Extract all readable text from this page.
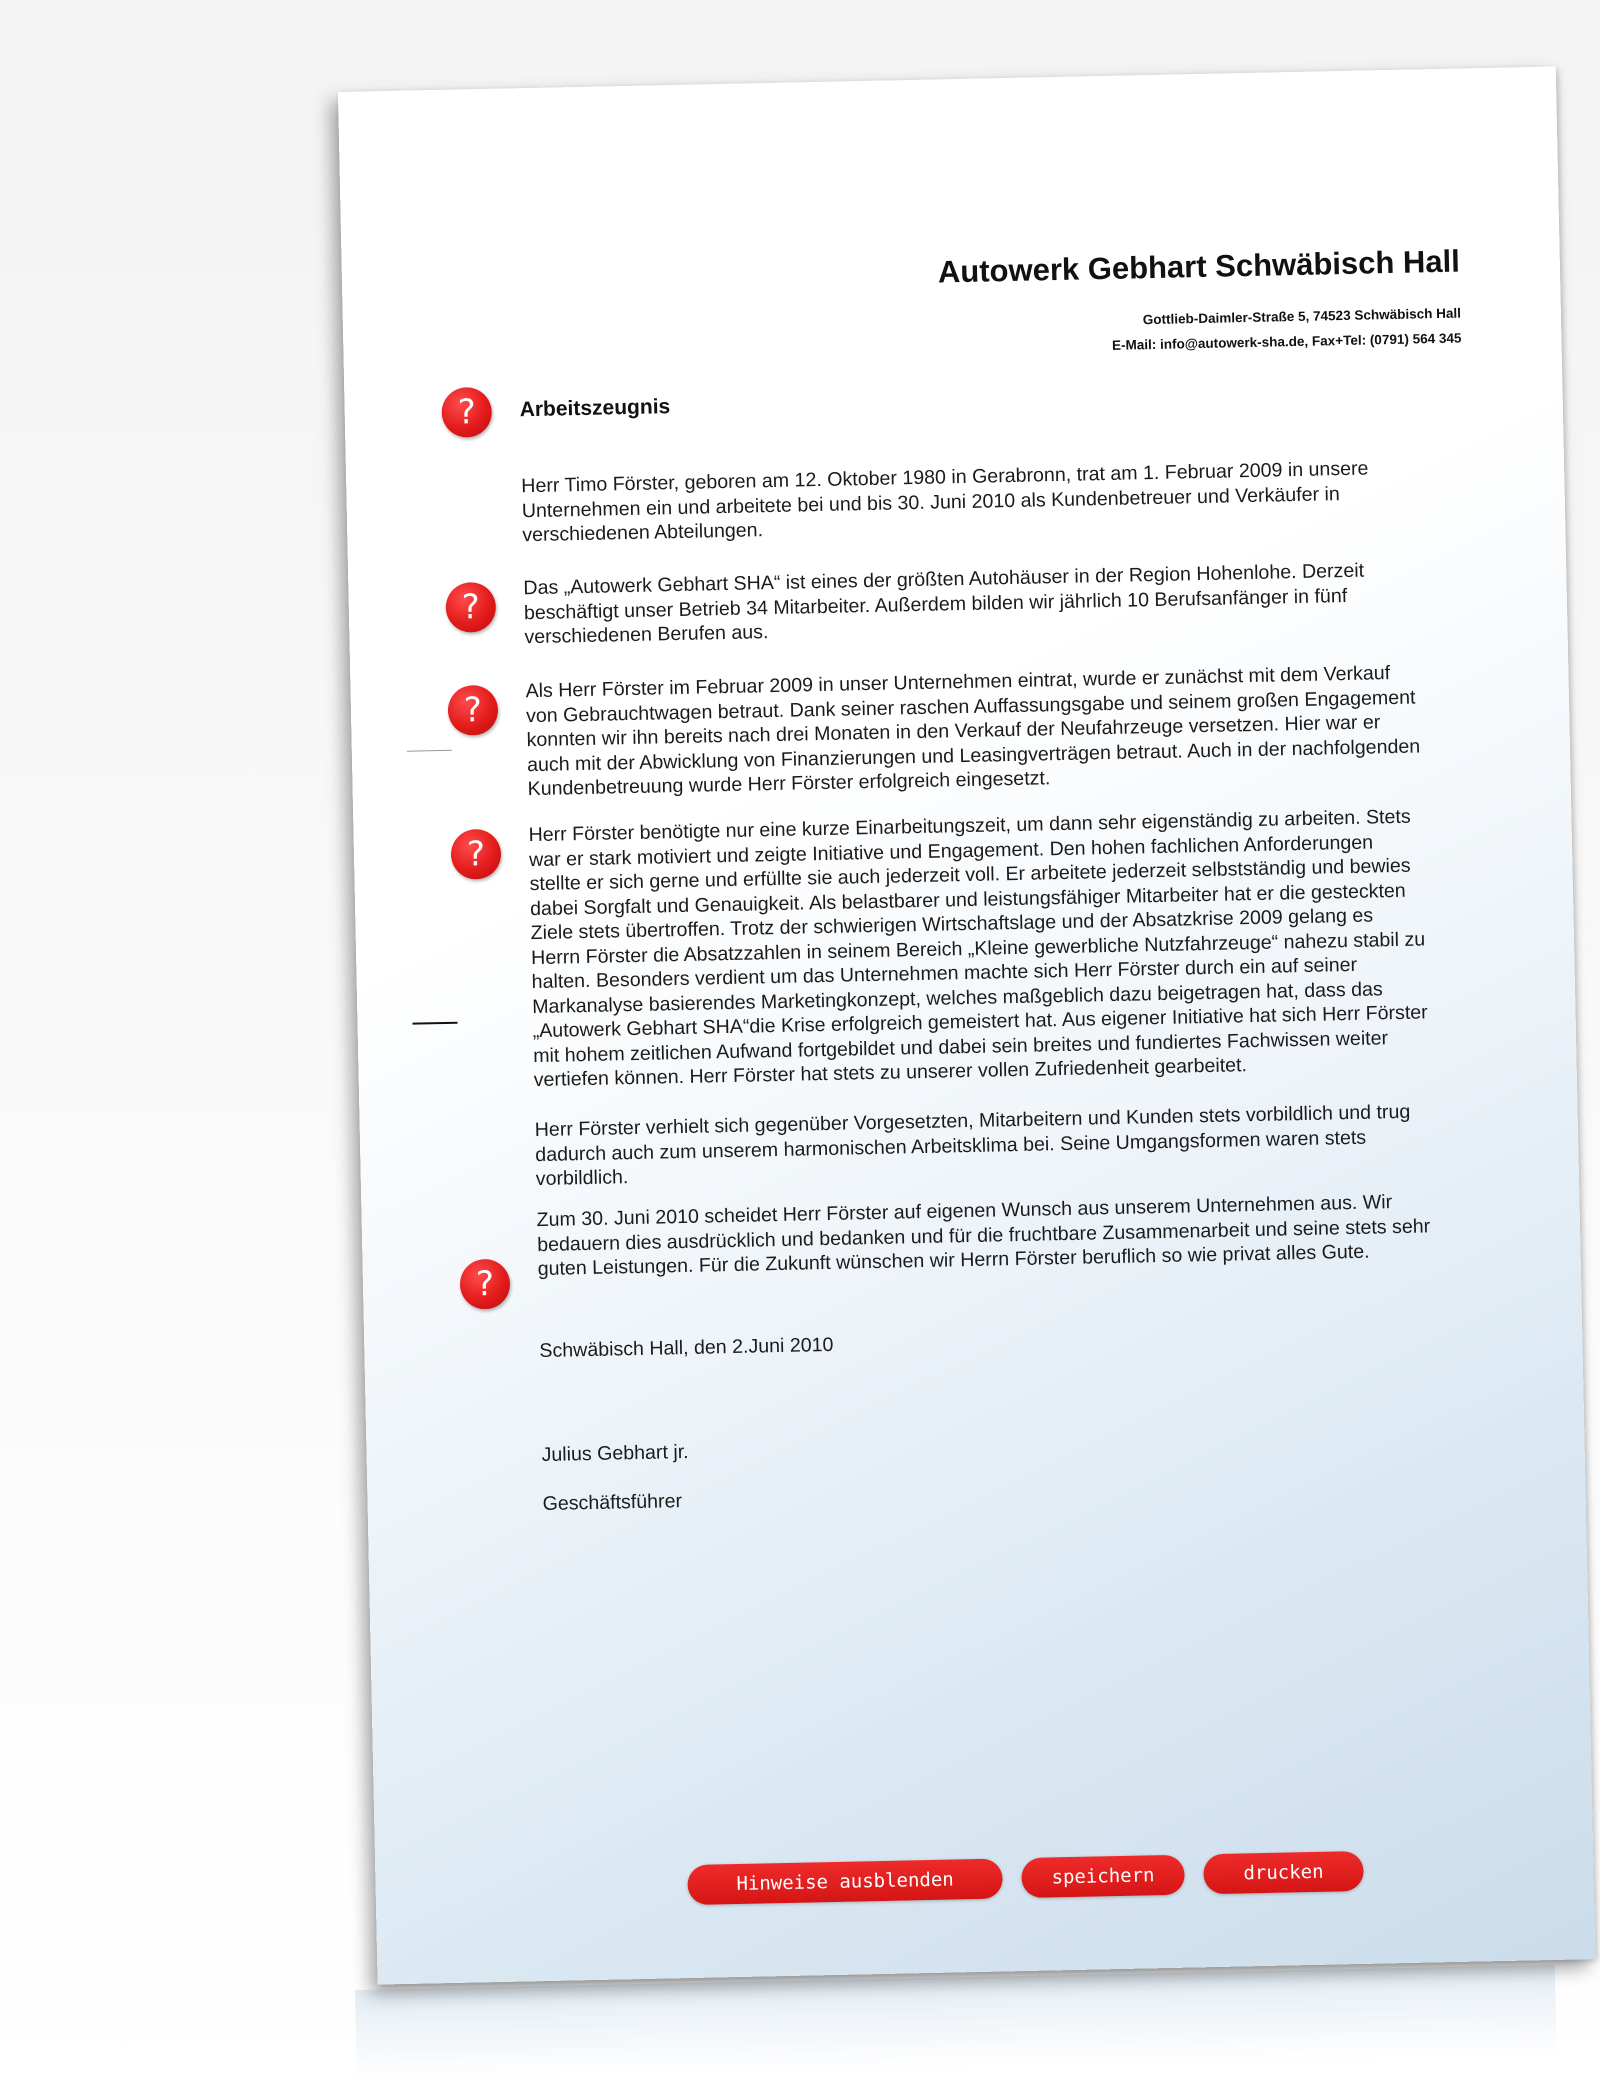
Autowerk Gebhart Schwäbisch Hall
Gottlieb-Daimler-Straße 5, 74523 Schwäbisch Hall
E-Mail: info@autowerk-sha.de, Fax+Tel: (0791) 564 345
?	Arbeitszeugnis
Herr Timo Förster, geboren am 12. Oktober 1980 in Gerabronn, trat am 1. Februar 2009 in unsere
Unternehmen ein und arbeitete bei und bis 30. Juni 2010 als Kundenbetreuer und Verkäufer in
verschiedenen Abteilungen.
?
Das „Autowerk Gebhart SHA“ ist eines der größten Autohäuser in der Region Hohenlohe. Derzeit
beschäftigt unser Betrieb 34 Mitarbeiter. Außerdem bilden wir jährlich 10 Berufsanfänger in fünf
verschiedenen Berufen aus.
?
Als Herr Förster im Februar 2009 in unser Unternehmen eintrat, wurde er zunächst mit dem Verkauf
von Gebrauchtwagen betraut. Dank seiner raschen Auffassungsgabe und seinem großen Engagement
konnten wir ihn bereits nach drei Monaten in den Verkauf der Neufahrzeuge versetzen. Hier war er
auch mit der Abwicklung von Finanzierungen und Leasingverträgen betraut. Auch in der nachfolgenden
Kundenbetreuung wurde Herr Förster erfolgreich eingesetzt.
?
Herr Förster benötigte nur eine kurze Einarbeitungszeit, um dann sehr eigenständig zu arbeiten. Stets
war er stark motiviert und zeigte Initiative und Engagement. Den hohen fachlichen Anforderungen
stellte er sich gerne und erfüllte sie auch jederzeit voll. Er arbeitete jederzeit selbstständig und bewies
dabei Sorgfalt und Genauigkeit. Als belastbarer und leistungsfähiger Mitarbeiter hat er die gesteckten
Ziele stets übertroffen. Trotz der schwierigen Wirtschaftslage und der Absatzkrise 2009 gelang es
Herrn Förster die Absatzzahlen in seinem Bereich „Kleine gewerbliche Nutzfahrzeuge“ nahezu stabil zu
halten. Besonders verdient um das Unternehmen machte sich Herr Förster durch ein auf seiner
Markanalyse basierendes Marketingkonzept, welches maßgeblich dazu beigetragen hat, dass das
„Autowerk Gebhart SHA“die Krise erfolgreich gemeistert hat. Aus eigener Initiative hat sich Herr Förster
mit hohem zeitlichen Aufwand fortgebildet und dabei sein breites und fundiertes Fachwissen weiter
vertiefen können. Herr Förster hat stets zu unserer vollen Zufriedenheit gearbeitet.
Herr Förster verhielt sich gegenüber Vorgesetzten, Mitarbeitern und Kunden stets vorbildlich und trug
dadurch auch zum unserem harmonischen Arbeitsklima bei. Seine Umgangsformen waren stets
vorbildlich.
?
Zum 30. Juni 2010 scheidet Herr Förster auf eigenen Wunsch aus unserem Unternehmen aus. Wir
bedauern dies ausdrücklich und bedanken und für die fruchtbare Zusammenarbeit und seine stets sehr
guten Leistungen. Für die Zukunft wünschen wir Herrn Förster beruflich so wie privat alles Gute.
Schwäbisch Hall, den 2.Juni 2010

Julius Gebhart jr.

Geschäftsführer

Hinweise ausblenden	speichern	drucken
